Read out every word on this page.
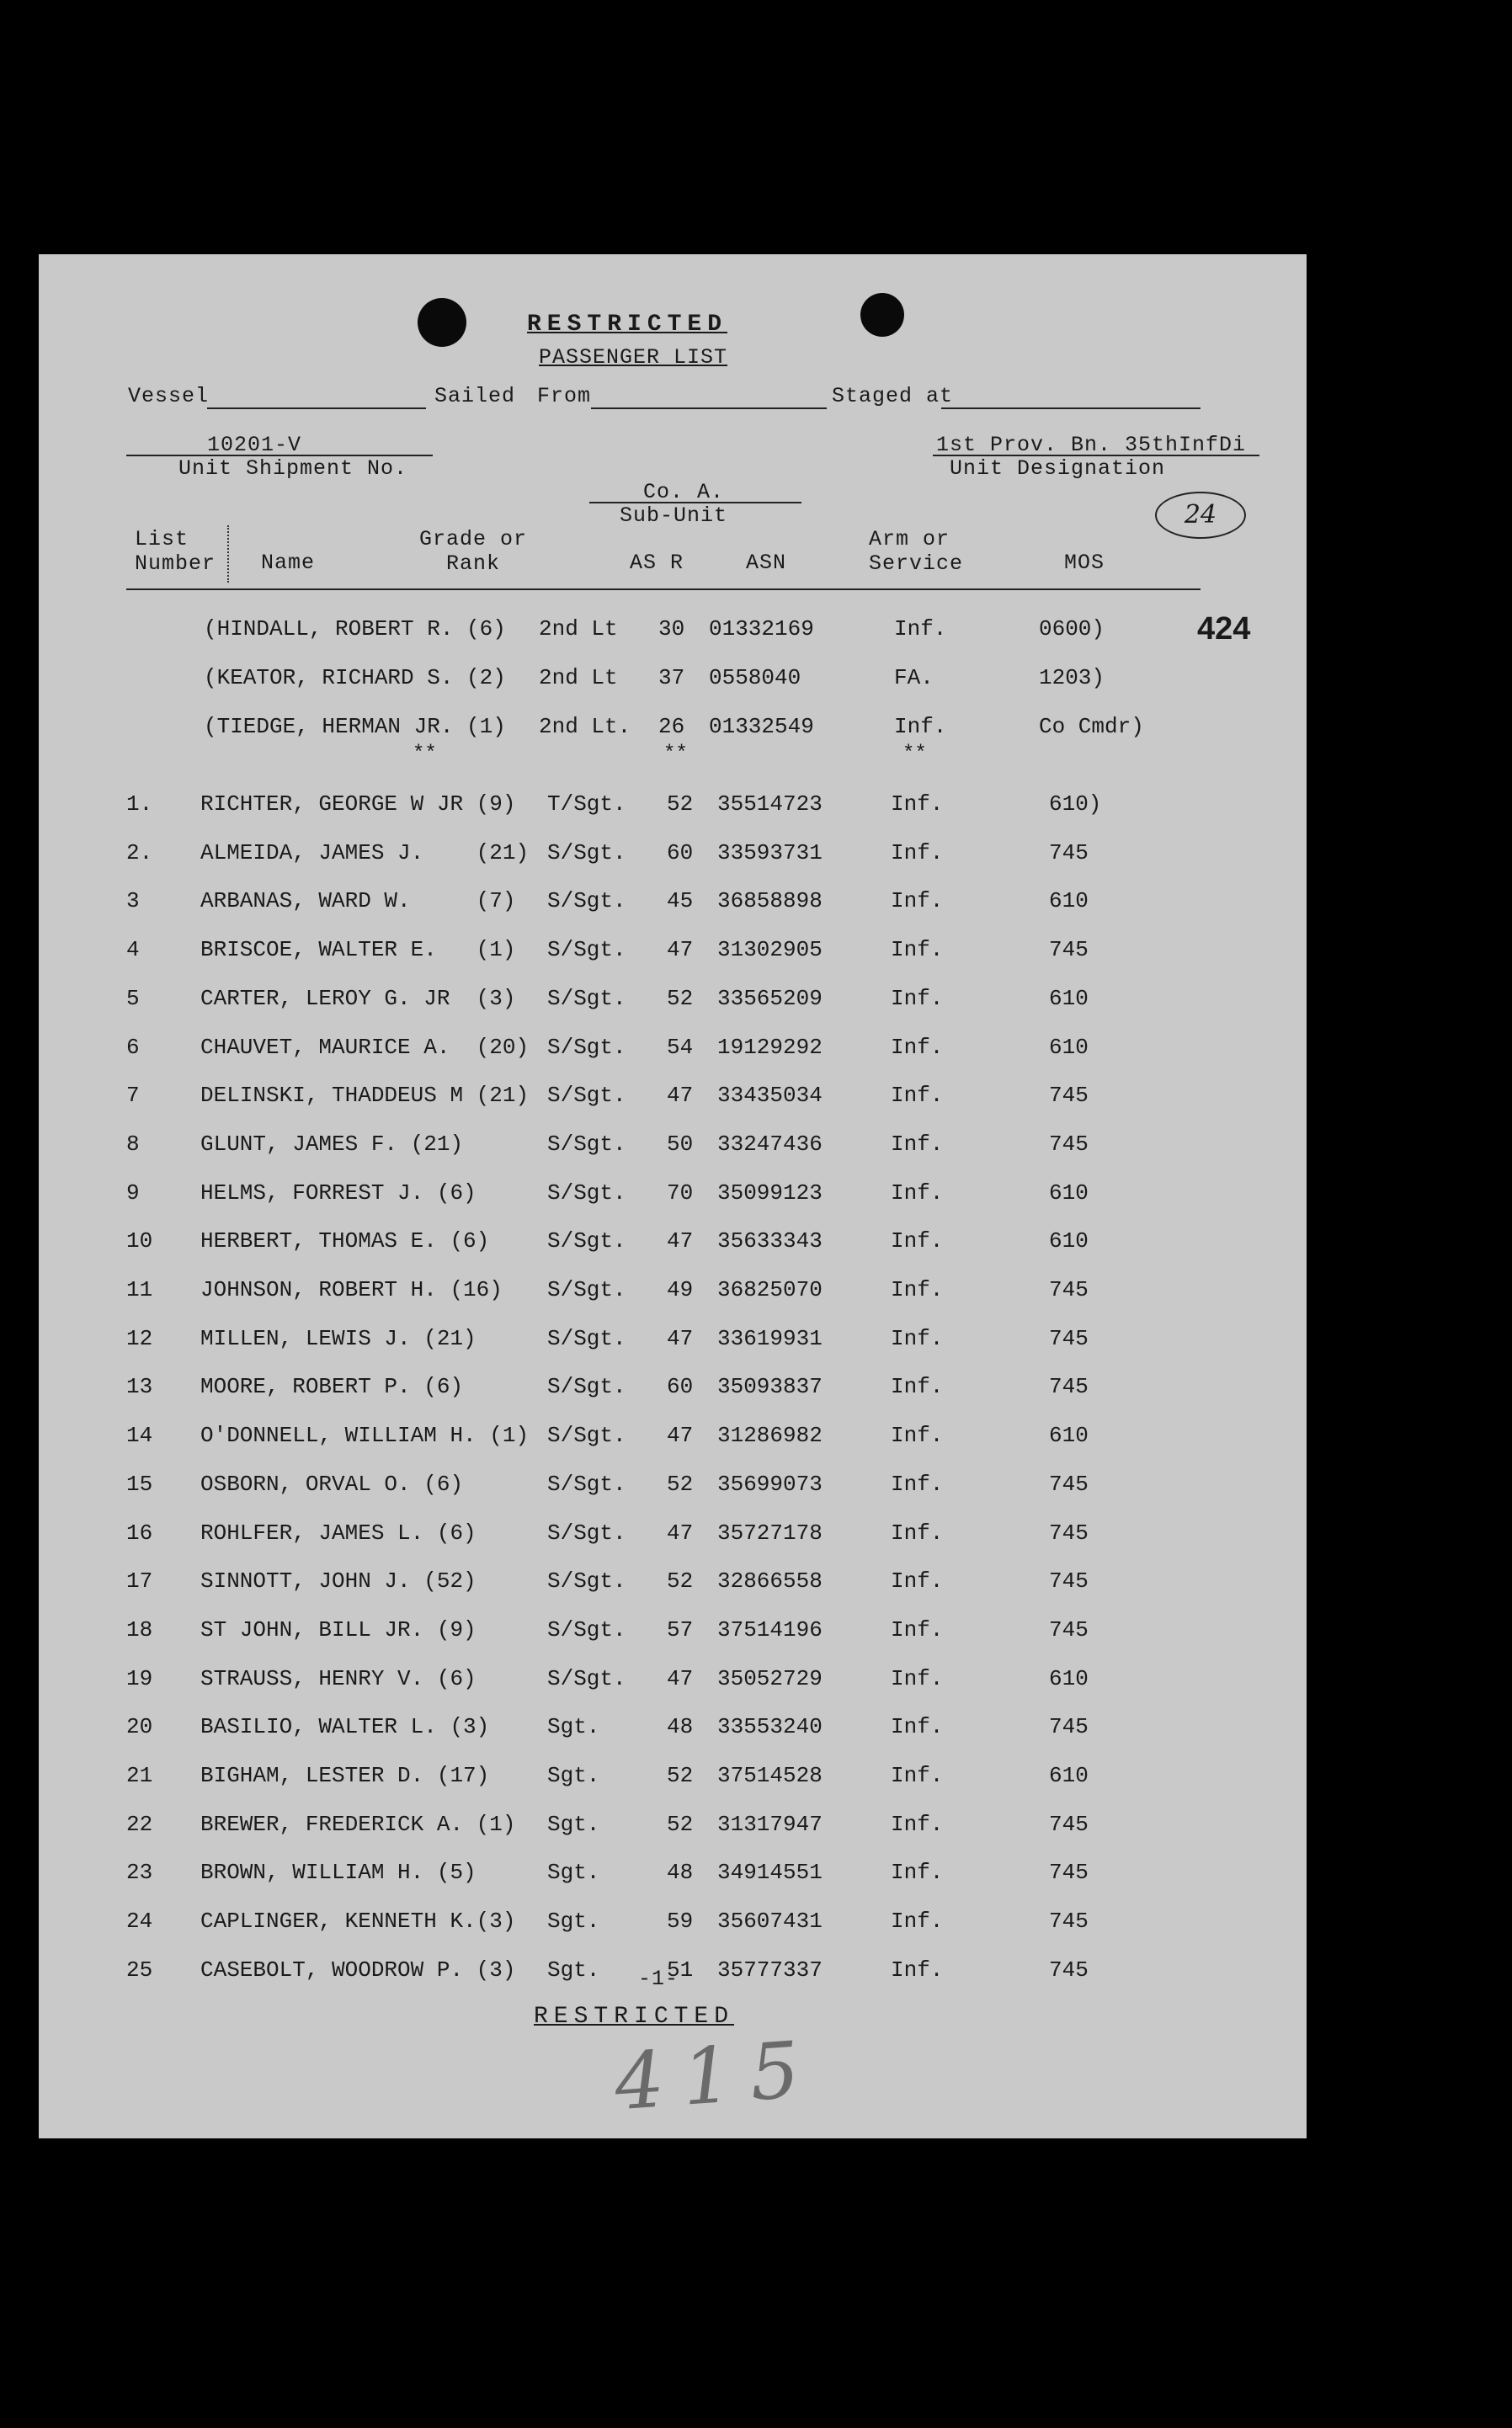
RESTRICTED
PASSENGER LIST
Vessel	Sailed From	Staged at
10201-V
Unit Shipment No.
1st Prov. Bn. 35thInfDi
Unit Designation
Co. A.
Sub-Unit	24
List
Number Name
Grade or
Rank	AS R	ASN
Arm or
Service	MOS
424
(HINDALL, ROBERT R. (6) 2nd Lt 30 01332169	Inf.	0600)
(KEATOR, RICHARD S. (2) 2nd Lt 37 0558040	FA.	1203)
(TIEDGE, HERMAN JR. (1) 2nd Lt. 26 01332549	Inf.	Co Cmdr)
**	**	**
1. RICHTER, GEORGE W JR (9) T/Sgt. 52 35514723	Inf.	610)
2. ALMEIDA, JAMES J.    (21) S/Sgt. 60 33593731	Inf.	745
3	ARBANAS, WARD W.     (7) S/Sgt. 45 36858898	Inf.	610
4	BRISCOE, WALTER E.   (1) S/Sgt. 47 31302905	Inf.	745
5	CARTER, LEROY G. JR  (3) S/Sgt. 52 33565209	Inf.	610
6	CHAUVET, MAURICE A.  (20) S/Sgt. 54 19129292	Inf.	610
7	DELINSKI, THADDEUS M (21) S/Sgt. 47 33435034	Inf.	745
8	GLUNT, JAMES F. (21)	S/Sgt. 50 33247436	Inf.	745
9	HELMS, FORREST J. (6)	S/Sgt. 70 35099123	Inf.	610
10 HERBERT, THOMAS E. (6)	S/Sgt. 47 35633343	Inf.	610
11 JOHNSON, ROBERT H. (16) S/Sgt. 49 36825070	Inf.	745
12 MILLEN, LEWIS J. (21)	S/Sgt. 47 33619931	Inf.	745
13 MOORE, ROBERT P. (6)	S/Sgt. 60 35093837	Inf.	745
14 O'DONNELL, WILLIAM H. (1) S/Sgt. 47 31286982	Inf.	610
15 OSBORN, ORVAL O. (6)	S/Sgt. 52 35699073	Inf.	745
16 ROHLFER, JAMES L. (6)	S/Sgt. 47 35727178	Inf.	745
17 SINNOTT, JOHN J. (52)	S/Sgt. 52 32866558	Inf.	745
18 ST JOHN, BILL JR. (9)	S/Sgt. 57 37514196	Inf.	745
19 STRAUSS, HENRY V. (6)	S/Sgt. 47 35052729	Inf.	610
20 BASILIO, WALTER L. (3)	Sgt.	48 33553240	Inf.	745
21 BIGHAM, LESTER D. (17)	Sgt.	52 37514528	Inf.	610
22 BREWER, FREDERICK A. (1) Sgt.	52 31317947	Inf.	745
23 BROWN, WILLIAM H. (5)	Sgt.	48 34914551	Inf.	745
24 CAPLINGER, KENNETH K.(3) Sgt.	59 35607431	Inf.	745
25 CASEBOLT, WOODROW P. (3) Sgt.	51 35777337	Inf.	745
-1-
RESTRICTED
415
